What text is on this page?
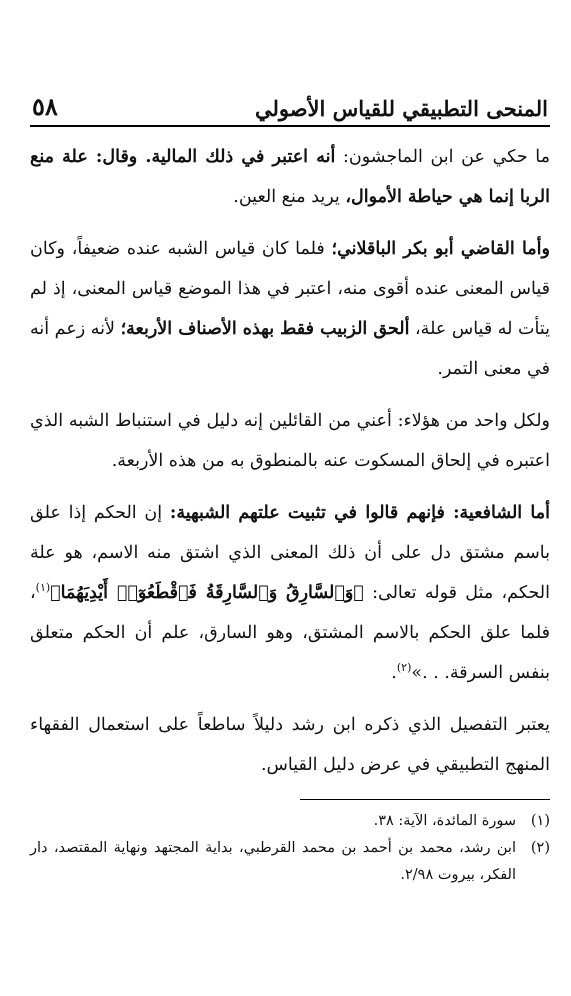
المنحى التطبيقي للقياس الأصولي
٥٨

ما حكي عن ابن الماجشون: أنه اعتبر في ذلك المالية. وقال: علة منع الربا إنما هي حياطة الأموال، يريد منع العين.

وأما القاضي أبو بكر الباقلاني؛ فلما كان قياس الشبه عنده ضعيفاً، وكان قياس المعنى عنده أقوى منه، اعتبر في هذا الموضع قياس المعنى، إذ لم يتأت له قياس علة، ألحق الزبيب فقط بهذه الأصناف الأربعة؛ لأنه زعم أنه في معنى التمر.

ولكل واحد من هؤلاء: أعني من القائلين إنه دليل في استنباط الشبه الذي اعتبره في إلحاق المسكوت عنه بالمنطوق به من هذه الأربعة.

أما الشافعية: فإنهم قالوا في تثبيت علتهم الشبهية: إن الحكم إذا علق باسم مشتق دل على أن ذلك المعنى الذي اشتق منه الاسم، هو علة الحكم، مثل قوله تعالى: ﴿وَٱلسَّارِقُ وَٱلسَّارِقَةُ فَٱقْطَعُوٓا۟ أَيْدِيَهُمَا﴾$^{(١)}$، فلما علق الحكم بالاسم المشتق، وهو السارق، علم أن الحكم متعلق بنفس السرقة. . .»$^{(٢)}$.

يعتبر التفصيل الذي ذكره ابن رشد دليلاً ساطعاً على استعمال الفقهاء المنهج التطبيقي في عرض دليل القياس.

(١)
سورة المائدة، الآية: ٣٨.

(٢)
ابن رشد، محمد بن أحمد بن محمد القرطبي، بداية المجتهد ونهاية المقتصد، دار الفكر، بيروت ٢/٩٨.
